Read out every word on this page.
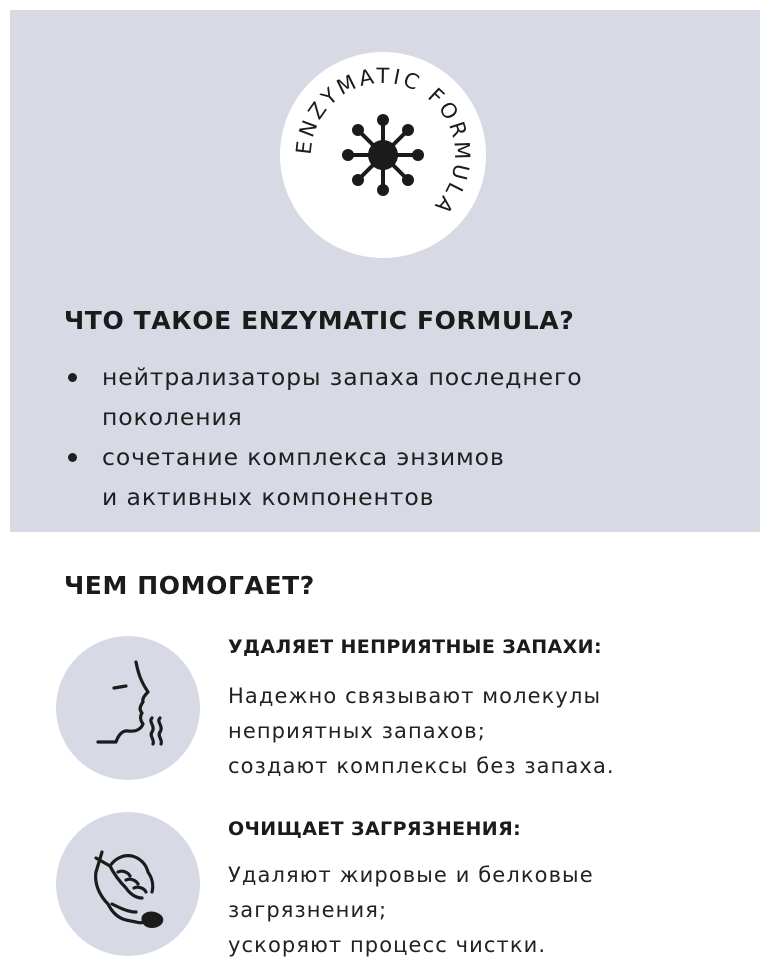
ENZYMATIC FORMULA
ЧТО ТАКОЕ ENZYMATIC FORMULA?
нейтрализаторы запаха последнего
поколения
сочетание комплекса энзимов
и активных компонентов
ЧЕМ ПОМОГАЕТ?
УДАЛЯЕТ НЕПРИЯТНЫЕ ЗАПАХИ:
Надежно связывают молекулы
неприятных запахов;
создают комплексы без запаха.
ОЧИЩАЕТ ЗАГРЯЗНЕНИЯ:
Удаляют жировые и белковые
загрязнения;
ускоряют процесс чистки.
